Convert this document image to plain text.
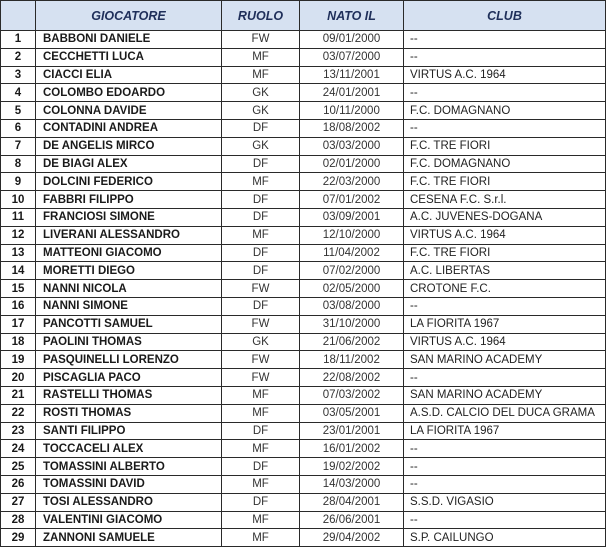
	GIOCATORE	RUOLO	NATO IL	CLUB
1	BABBONI DANIELE	FW	09/01/2000	--
2	CECCHETTI LUCA	MF	03/07/2000	--
3	CIACCI ELIA	MF	13/11/2001	VIRTUS A.C. 1964
4	COLOMBO EDOARDO	GK	24/01/2001	--
5	COLONNA DAVIDE	GK	10/11/2000	F.C. DOMAGNANO
6	CONTADINI ANDREA	DF	18/08/2002	--
7	DE ANGELIS MIRCO	GK	03/03/2000	F.C. TRE FIORI
8	DE BIAGI ALEX	DF	02/01/2000	F.C. DOMAGNANO
9	DOLCINI FEDERICO	MF	22/03/2000	F.C. TRE FIORI
10	FABBRI FILIPPO	DF	07/01/2002	CESENA F.C. S.r.l.
11	FRANCIOSI SIMONE	DF	03/09/2001	A.C. JUVENES-DOGANA
12	LIVERANI ALESSANDRO	MF	12/10/2000	VIRTUS A.C. 1964
13	MATTEONI GIACOMO	DF	11/04/2002	F.C. TRE FIORI
14	MORETTI DIEGO	DF	07/02/2000	A.C. LIBERTAS
15	NANNI NICOLA	FW	02/05/2000	CROTONE F.C.
16	NANNI SIMONE	DF	03/08/2000	--
17	PANCOTTI SAMUEL	FW	31/10/2000	LA FIORITA 1967
18	PAOLINI THOMAS	GK	21/06/2002	VIRTUS A.C. 1964
19	PASQUINELLI LORENZO	FW	18/11/2002	SAN MARINO ACADEMY
20	PISCAGLIA PACO	FW	22/08/2002	--
21	RASTELLI THOMAS	MF	07/03/2002	SAN MARINO ACADEMY
22	ROSTI THOMAS	MF	03/05/2001	A.S.D. CALCIO DEL DUCA GRAMA
23	SANTI FILIPPO	DF	23/01/2001	LA FIORITA 1967
24	TOCCACELI ALEX	MF	16/01/2002	--
25	TOMASSINI ALBERTO	DF	19/02/2002	--
26	TOMASSINI DAVID	MF	14/03/2000	--
27	TOSI ALESSANDRO	DF	28/04/2001	S.S.D. VIGASIO
28	VALENTINI GIACOMO	MF	26/06/2001	--
29	ZANNONI SAMUELE	MF	29/04/2002	S.P. CAILUNGO
